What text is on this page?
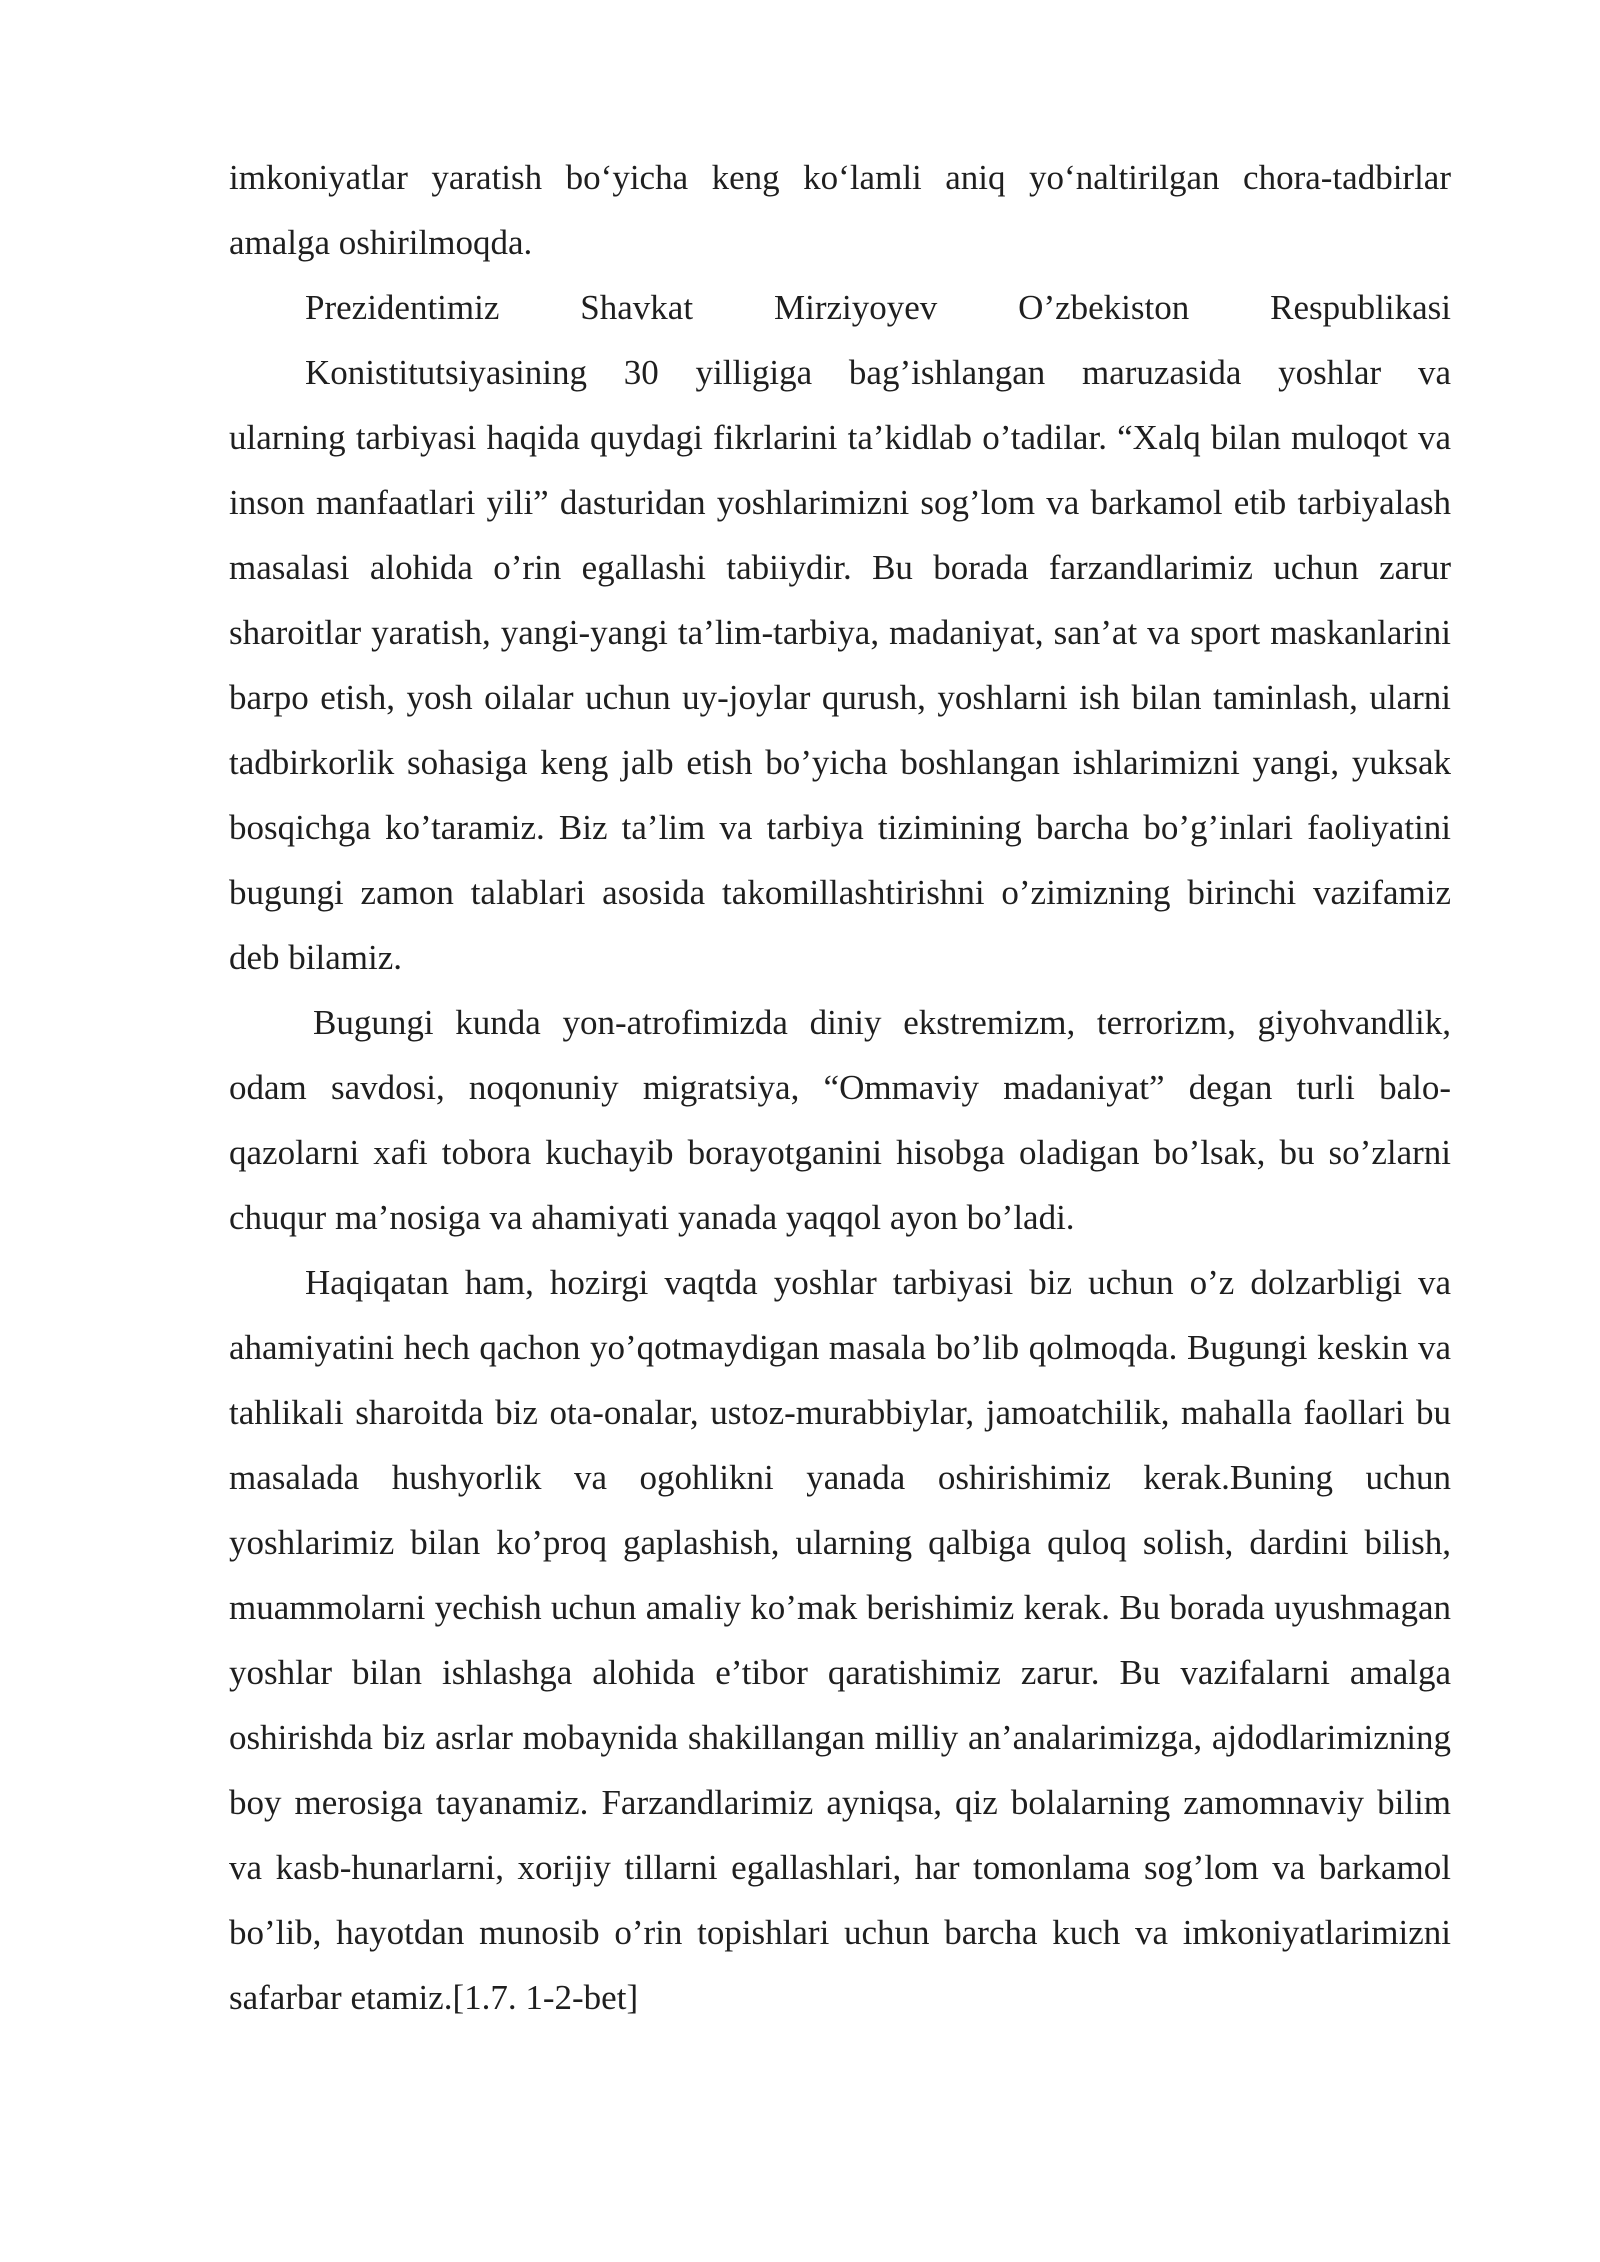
imkoniyatlar yaratish bo‘yicha keng ko‘lamli aniq yo‘naltirilgan chora-tadbirlar amalga oshirilmoqda.

Prezidentimiz Shavkat Mirziyoyev O’zbekiston Respublikasi

Konistitutsiyasining 30 yilligiga bag’ishlangan maruzasida yoshlar va

ularning tarbiyasi haqida quydagi fikrlarini ta’kidlab o’tadilar. “Xalq bilan muloqot va inson manfaatlari yili” dasturidan yoshlarimizni sog’lom va barkamol etib tarbiyalash masalasi alohida o’rin egallashi tabiiydir. Bu borada farzandlarimiz uchun zarur sharoitlar yaratish, yangi-yangi ta’lim-tarbiya, madaniyat, san’at va sport maskanlarini barpo etish, yosh oilalar uchun uy-joylar qurush, yoshlarni ish bilan taminlash, ularni tadbirkorlik sohasiga keng jalb etish bo’yicha boshlangan ishlarimizni yangi, yuksak bosqichga ko’taramiz. Biz ta’lim va tarbiya tizimining barcha bo’g’inlari faoliyatini bugungi zamon talablari asosida takomillashtirishni o’zimizning birinchi vazifamiz deb bilamiz.

Bugungi kunda yon-atrofimizda diniy ekstremizm, terrorizm, giyohvandlik, odam savdosi, noqonuniy migratsiya, “Ommaviy madaniyat” degan turli balo-qazolarni xafi tobora kuchayib borayotganini hisobga oladigan bo’lsak, bu so’zlarni chuqur ma’nosiga va ahamiyati yanada yaqqol ayon bo’ladi.

Haqiqatan ham, hozirgi vaqtda yoshlar tarbiyasi biz uchun o’z dolzarbligi va ahamiyatini hech qachon yo’qotmaydigan masala bo’lib qolmoqda. Bugungi keskin va tahlikali sharoitda biz ota-onalar, ustoz-murabbiylar, jamoatchilik, mahalla faollari bu masalada hushyorlik va ogohlikni yanada oshirishimiz kerak.Buning uchun yoshlarimiz bilan ko’proq gaplashish, ularning qalbiga quloq solish, dardini bilish, muammolarni yechish uchun amaliy ko’mak berishimiz kerak. Bu borada uyushmagan yoshlar bilan ishlashga alohida e’tibor qaratishimiz zarur. Bu vazifalarni amalga oshirishda biz asrlar mobaynida shakillangan milliy an’analarimizga, ajdodlarimizning boy merosiga tayanamiz. Farzandlarimiz ayniqsa, qiz bolalarning zamomnaviy bilim va kasb-hunarlarni, xorijiy tillarni egallashlari, har tomonlama sog’lom va barkamol bo’lib, hayotdan munosib o’rin topishlari uchun barcha kuch va imkoniyatlarimizni safarbar etamiz.[1.7. 1-2-bet]
